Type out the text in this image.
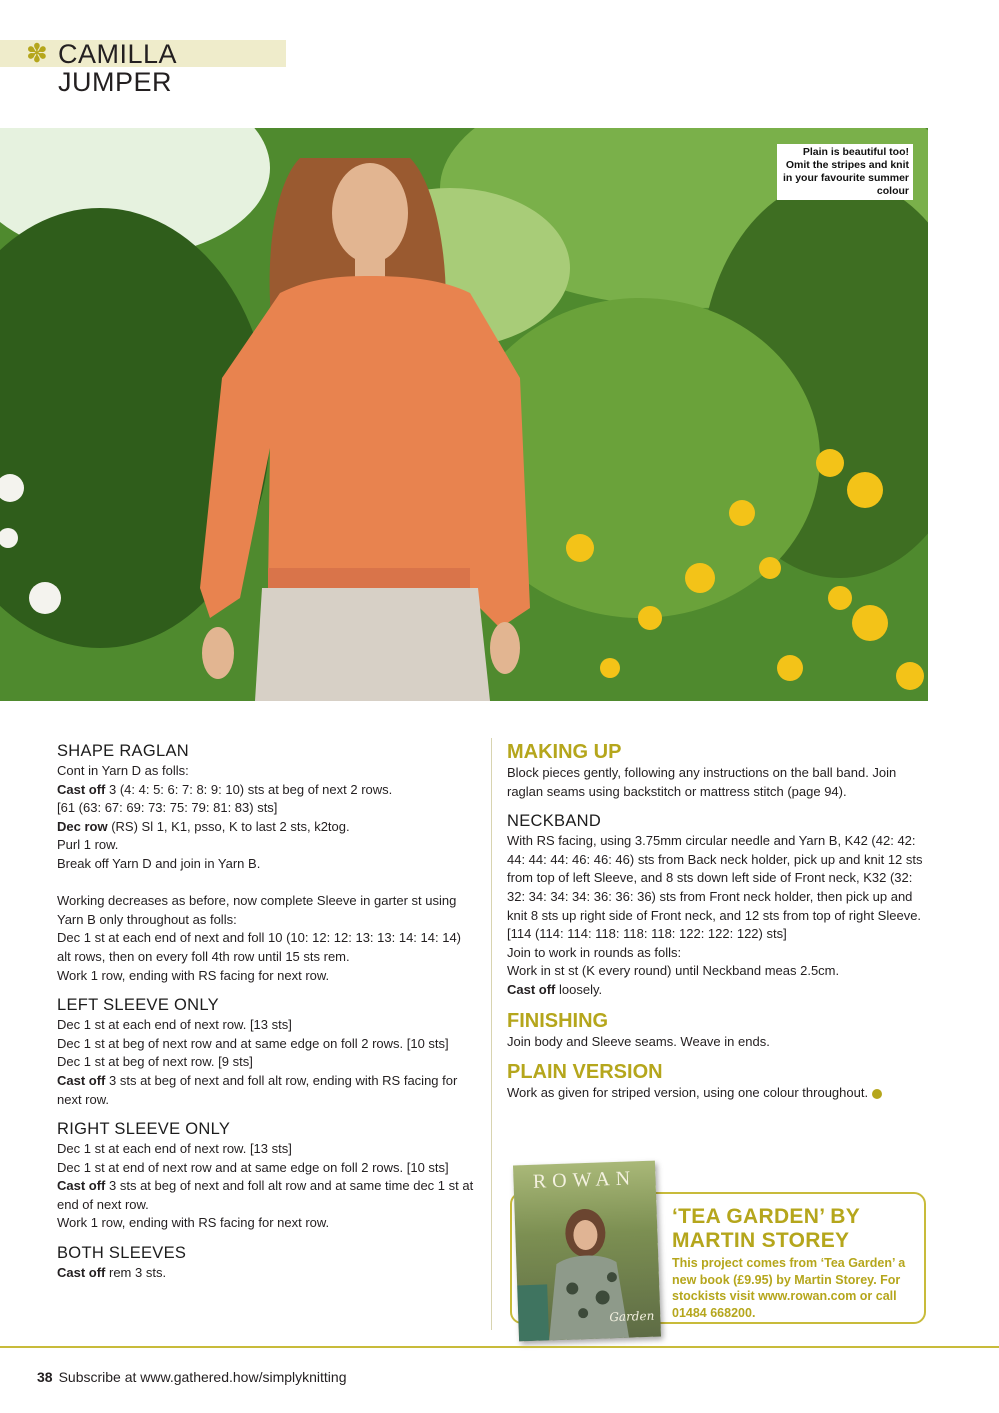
✽ CAMILLA JUMPER
Plain is beautiful too! Omit the stripes and knit in your favourite summer colour
SHAPE RAGLAN

Cont in Yarn D as folls:

Cast off 3 (4: 4: 5: 6: 7: 8: 9: 10) sts at beg of next 2 rows.

[61 (63: 67: 69: 73: 75: 79: 81: 83) sts]

Dec row (RS) Sl 1, K1, psso, K to last 2 sts, k2tog.

Purl 1 row.

Break off Yarn D and join in Yarn B.

Working decreases as before, now complete Sleeve in garter st using Yarn B only throughout as folls:

Dec 1 st at each end of next and foll 10 (10: 12: 12: 13: 13: 14: 14: 14) alt rows, then on every foll 4th row until 15 sts rem.

Work 1 row, ending with RS facing for next row.

LEFT SLEEVE ONLY

Dec 1 st at each end of next row. [13 sts]

Dec 1 st at beg of next row and at same edge on foll 2 rows. [10 sts]

Dec 1 st at beg of next row. [9 sts]

Cast off 3 sts at beg of next and foll alt row, ending with RS facing for next row.

RIGHT SLEEVE ONLY

Dec 1 st at each end of next row. [13 sts]

Dec 1 st at end of next row and at same edge on foll 2 rows. [10 sts]

Cast off 3 sts at beg of next and foll alt row and at same time dec 1 st at end of next row.

Work 1 row, ending with RS facing for next row.

BOTH SLEEVES

Cast off rem 3 sts.

MAKING UP

Block pieces gently, following any instructions on the ball band. Join raglan seams using backstitch or mattress stitch (page 94).

NECKBAND

With RS facing, using 3.75mm circular needle and Yarn B, K42 (42: 42: 44: 44: 44: 46: 46: 46) sts from Back neck holder, pick up and knit 12 sts from top of left Sleeve, and 8 sts down left side of Front neck, K32 (32: 32: 34: 34: 34: 36: 36: 36) sts from Front neck holder, then pick up and knit 8 sts up right side of Front neck, and 12 sts from top of right Sleeve.

[114 (114: 114: 118: 118: 118: 122: 122: 122) sts]

Join to work in rounds as folls:

Work in st st (K every round) until Neckband meas 2.5cm.

Cast off loosely.

FINISHING

Join body and Sleeve seams. Weave in ends.

PLAIN VERSION

Work as given for striped version, using one colour throughout.

ROWAN
Garden
‘TEA GARDEN’ BY MARTIN STOREY
This project comes from ‘Tea Garden’ a new book (£9.95) by Martin Storey. For stockists visit www.rowan.com or call 01484 668200.
38 Subscribe at www.gathered.how/simplyknitting
